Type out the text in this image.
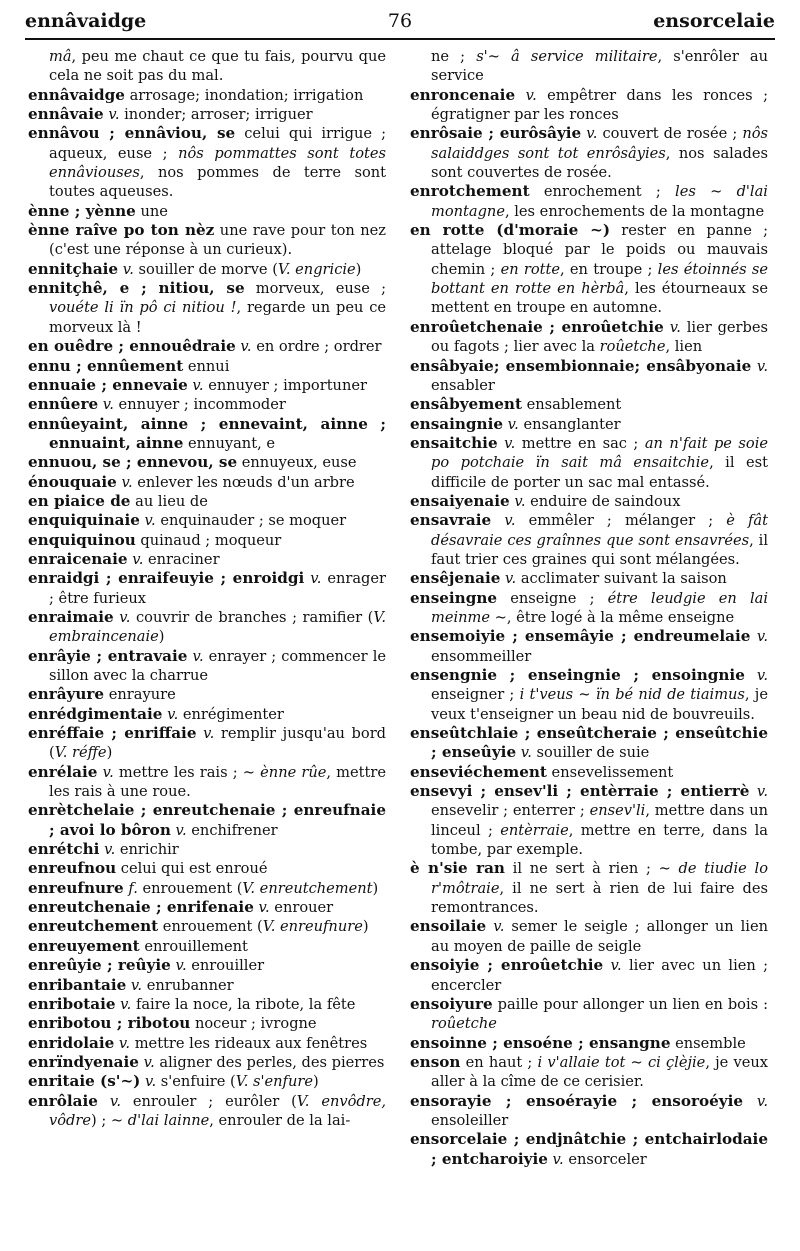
ennâvaidge	76	ensorcelaie

mâ, peu me chaut ce que tu fais, pourvu que cela ne soit pas du mal.

ennâvaidge arrosage; inondation; irrigation

ennâvaie v. inonder; arroser; irriguer

ennâvou ; ennâviou, se celui qui irrigue ; aqueux, euse ; nôs pommattes sont totes ennâviouses, nos pommes de terre sont toutes aqueuses.

ènne ; yènne une

ènne raîve po ton nèz une rave pour ton nez (c'est une réponse à un curieux).

ennitçhaie v. souiller de morve (V. engricie)

ennitçhê, e ; nitiou, se morveux, euse ; vouéte li ïn pô ci nitiou !, regarde un peu ce morveux là !

en ouêdre ; ennouêdraie v. en ordre ; ordrer

ennu ; ennûement ennui

ennuaie ; ennevaie v. ennuyer ; importuner

ennûere v. ennuyer ; incommoder

ennûeyaint, ainne ; ennevaint, ainne ; ennuaint, ainne ennuyant, e

ennuou, se ; ennevou, se ennuyeux, euse

énouquaie v. enlever les nœuds d'un arbre

en piaice de au lieu de

enquiquinaie v. enquinauder ; se moquer

enquiquinou quinaud ; moqueur

enraicenaie v. enraciner

enraidgi ; enraifeuyie ; enroidgi v. enrager ; être furieux

enraimaie v. couvrir de branches ; ramifier (V. embraincenaie)

enrâyie ; entravaie v. enrayer ; commencer le sillon avec la charrue

enrâyure enrayure

enrédgimentaie v. enrégimenter

enréffaie ; enriffaie v. remplir jusqu'au bord (V. réffe)

enrélaie v. mettre les rais ; ~ ènne rûe, mettre les rais à une roue.

enrètchelaie ; enreutchenaie ; enreufnaie ; avoi lo bôron v. enchifrener

enrétchi v. enrichir

enreufnou celui qui est enroué

enreufnure f. enrouement (V. enreutchement)

enreutchenaie ; enrifenaie v. enrouer

enreutchement enrouement (V. enreufnure)

enreuyement enrouillement

enreûyie ; reûyie v. enrouiller

enribantaie v. enrubanner

enribotaie v. faire la noce, la ribote, la fête

enribotou ; ribotou noceur ; ivrogne

enridolaie v. mettre les rideaux aux fenêtres

enrïndyenaie v. aligner des perles, des pierres

enritaie (s'~) v. s'enfuire (V. s'enfure)

enrôlaie v. enrouler ; eurôler (V. envôdre, vôdre) ; ~ d'lai lainne, enrouler de la lai-

ne ; s'~ â service militaire, s'enrôler au service

enroncenaie v. empêtrer dans les ronces ; égratigner par les ronces

enrôsaie ; eurôsâyie v. couvert de rosée ; nôs salaiddges sont tot enrôsâyies, nos salades sont couvertes de rosée.

enrotchement enrochement ; les ~ d'lai montagne, les enrochements de la montagne

en rotte (d'moraie ~) rester en panne ; attelage bloqué par le poids ou mauvais chemin ; en rotte, en troupe ; les étoinnés se bottant en rotte en hèrbâ, les étourneaux se mettent en troupe en automne.

enroûetchenaie ; enroûetchie v. lier gerbes ou fagots ; lier avec la roûetche, lien

ensâbyaie; ensembionnaie; ensâbyonaie v. ensabler

ensâbyement ensablement

ensaingnie v. ensanglanter

ensaitchie v. mettre en sac ; an n'fait pe soie po potchaie ïn sait mâ ensaitchie, il est difficile de porter un sac mal entassé.

ensaiyenaie v. enduire de saindoux

ensavraie v. emmêler ; mélanger ; è fât désavraie ces graînnes que sont ensavrées, il faut trier ces graines qui sont mélangées.

ensêjenaie v. acclimater suivant la saison

enseingne enseigne ; étre leudgie en lai meinme ~, être logé à la même enseigne

ensemoiyie ; ensemâyie ; endreumelaie v. ensommeiller

ensengnie ; enseingnie ; ensoingnie v. enseigner ; i t'veus ~ ïn bé nid de tiaimus, je veux t'enseigner un beau nid de bouvreuils.

enseûtchlaie ; enseûtcheraie ; enseûtchie ; enseûyie v. souiller de suie

enseviéchement ensevelissement

ensevyi ; ensev'li ; entèrraie ; entierrè v. ensevelir ; enterrer ; ensev'li, mettre dans un linceul ; entèrraie, mettre en terre, dans la tombe, par exemple.

è n'sie ran il ne sert à rien ; ~ de tiudie lo r'môtraie, il ne sert à rien de lui faire des remontrances.

ensoilaie v. semer le seigle ; allonger un lien au moyen de paille de seigle

ensoiyie ; enroûetchie v. lier avec un lien ; encercler

ensoiyure paille pour allonger un lien en bois : roûetche

ensoinne ; ensoéne ; ensangne ensemble

enson en haut ; i v'allaie tot ~ ci çlèjie, je veux aller à la cîme de ce cerisier.

ensorayie ; ensoérayie ; ensoroéyie v. ensoleiller

ensorcelaie ; endjnâtchie ; entchairlodaie ; entcharoiyie v. ensorceler
